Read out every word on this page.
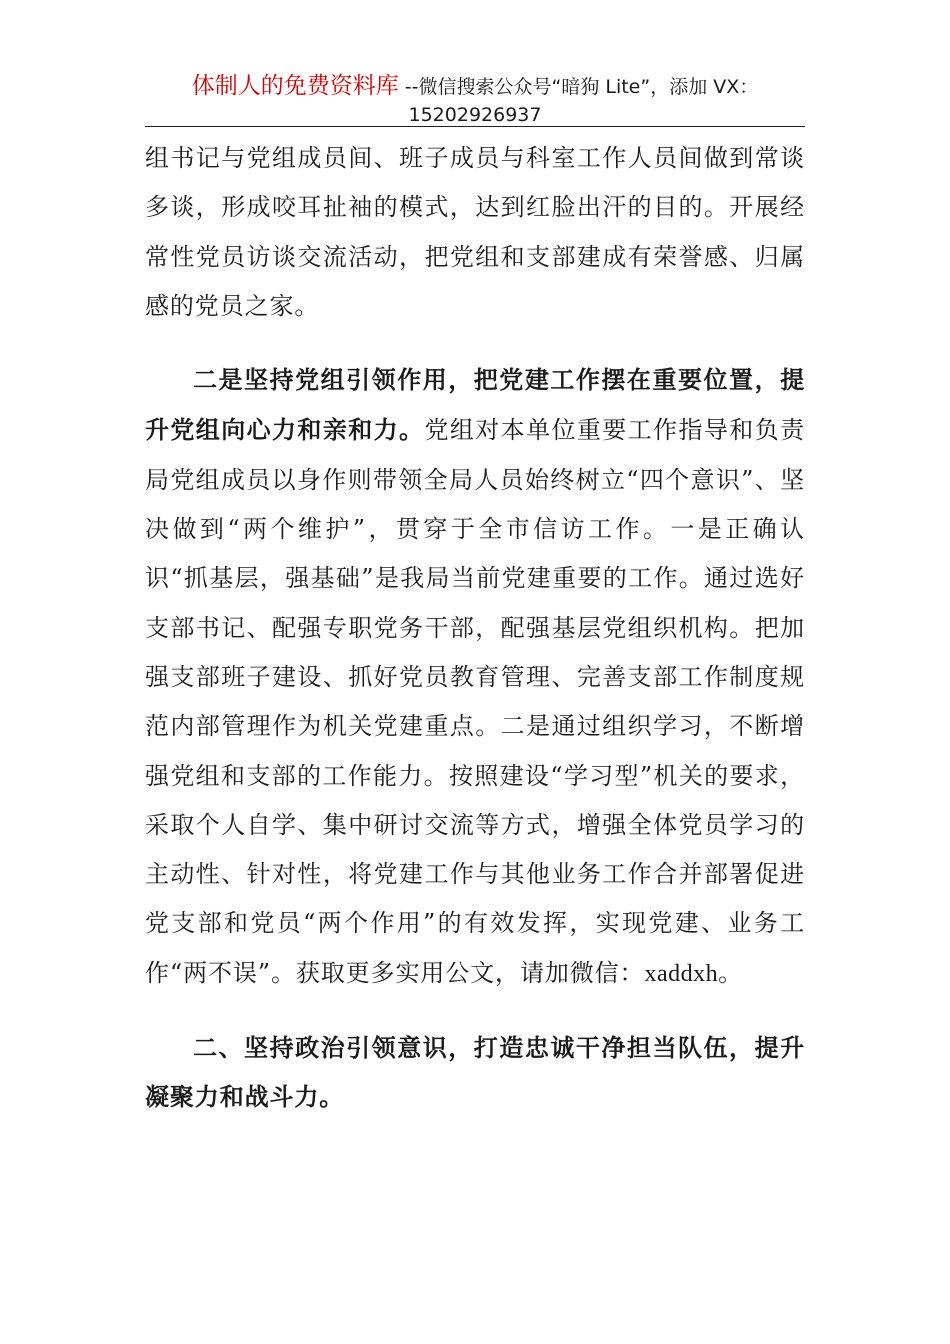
体制人的免费资料库 --微信搜索公众号“暗狗 Lite”，添加 VX：
15202926937

组书记与党组成员间、班子成员与科室工作人员间做到常谈多谈，形成咬耳扯袖的模式，达到红脸出汗的目的。开展经常性党员访谈交流活动，把党组和支部建成有荣誉感、归属感的党员之家。

二是坚持党组引领作用，把党建工作摆在重要位置，提升党组向心力和亲和力。党组对本单位重要工作指导和负责局党组成员以身作则带领全局人员始终树立“四个意识”、坚决做到“两个维护”，贯穿于全市信访工作。一是正确认识“抓基层，强基础”是我局当前党建重要的工作。通过选好支部书记、配强专职党务干部，配强基层党组织机构。把加强支部班子建设、抓好党员教育管理、完善支部工作制度规范内部管理作为机关党建重点。二是通过组织学习，不断增强党组和支部的工作能力。按照建设“学习型”机关的要求，采取个人自学、集中研讨交流等方式，增强全体党员学习的主动性、针对性，将党建工作与其他业务工作合并部署促进党支部和党员“两个作用”的有效发挥，实现党建、业务工作“两不误”。获取更多实用公文，请加微信：xaddxh。

二、坚持政治引领意识，打造忠诚干净担当队伍，提升凝聚力和战斗力。
